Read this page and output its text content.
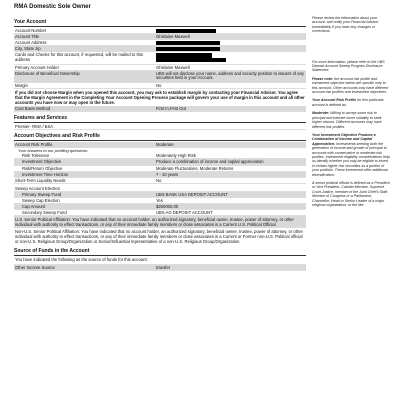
RMA Domestic Sole Owner
Your Account
Account Number
Account Title	Ghislaine Maxwell
Account Address
City, State zip
Cards and Checks for this account, if requested, will be mailed to this address

Primary Account Holder	Ghislaine Maxwell
Disclosure of Beneficial Ownership	UBS will not disclose your name, address and security position to issuers of any securities held in your Account.
Margin	No
If you did not choose Margin when you opened this account, you may ask to establish margin by contacting your Financial Advisor. You agree that the Margin Agreement in the Completing Your Account Opening Process package will govern your use of margin in this account and all other accounts you have now or may open in the future.
Cost Basis Method	First In,First Out
Features and Services
Premier- RMA / BSA
Account Objectives and Risk Profile
Account Risk Profile	Moderate
Your answers to our profiling questions:
Risk Tolerance	Moderately High Risk
Investment Objective	Produce a combination of income and capital appreciation
Risk/Return Objective	Moderate Fluctuations, Moderate Returns
Investment Time Horizon	7 - 10 years
Short-Term Liquidity Needs	No
Sweep Account Election
Primary Sweep Fund	UBS BANK USA DEPOSIT ACCOUNT
Sweep Cap Election	Yes
Cap Amount	$250000.00
Secondary Sweep Fund	UBS AG DEPOSIT ACCOUNT
U.S. Senior Political Affiliation: You have indicated that no account holder, an authorized signatory, beneficial owner, trustee, power of attorney, or other individual with authority to effect transactions, or any of their immediate family members or close associates is a Current U.S. Political Official.
Non-U.S. Senior Political Affiliation: You have indicated that no account holder, an authorized signatory, beneficial owner, trustee, power of attorney, or other individual with authority to effect transactions, or any of their immediate family members or close associates is a Current or Former non-U.S. Political official or non-U.S. Religious Group/Organization or Senior/Influential representative of a non-U.S. Religious Group/Organization.
Source of Funds in the Account
You have indicated the following as the source of funds for this account:
Other Income Source	transfer

Please review the information about your account, and notify your Financial Advisor immediately if you have any changes or corrections.

For more information, please refer to the UBS Deposit Account Sweep Program Disclosure Statement.

Please note: the account risk profile and investment objective below are specific only to this account. Other accounts may have different account risk profiles and investment objectives.

Your Account Risk Profile for this particular account is defined as:

Moderate: Willing to accept some risk to principal and tolerate some volatility to seek higher returns. Different accounts may have different risk profiles.

Your Investment Objective Produce a Combination of Income and Capital Appreciation: Investments seeking both the generation of income and growth of principal to accounts with conservative or moderate risk profiles. Investment eligibility considerations help us identify whether you may be eligible to invest in certain higher risk securities as a portion of your portfolio. These investment offer additional diversification.

A senior political official is defined as a President or Vice President, Cabinet Member, Supreme Court Justice, member of the Joint Chief's Staff, Member of Congress or a Parliament, Chancellor, Head or Senior Leader of a major religious organization, or the like.
